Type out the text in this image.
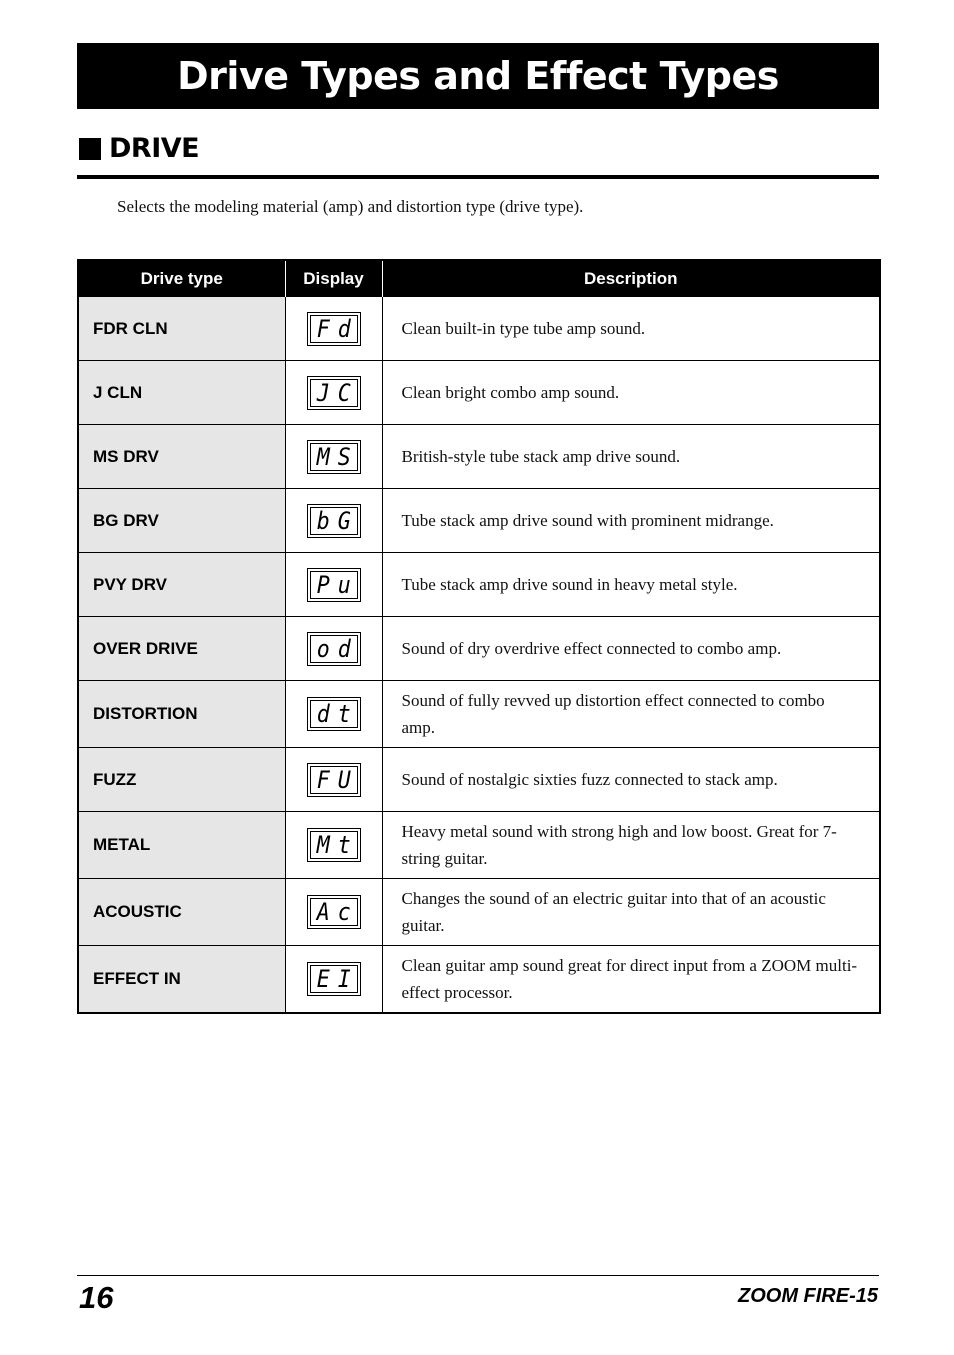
Drive Types and Effect Types
DRIVE
Selects the modeling material (amp) and distortion type (drive type).
Drive type	Display	Description
FDR CLN	F d	Clean built-in type tube amp sound.
J CLN	J C	Clean bright combo amp sound.
MS DRV	M S	British-style tube stack amp drive sound.
BG DRV	b G	Tube stack amp drive sound with prominent midrange.
PVY DRV	P u	Tube stack amp drive sound in heavy metal style.
OVER DRIVE	o d	Sound of dry overdrive effect connected to combo amp.
DISTORTION	d t	Sound of fully revved up distortion effect connected to combo amp.
FUZZ	F U	Sound of nostalgic sixties fuzz connected to stack amp.
METAL	M t	Heavy metal sound with strong high and low boost. Great for 7-string guitar.
ACOUSTIC	A c	Changes the sound of an electric guitar into that of an acoustic guitar.
EFFECT IN	E I	Clean guitar amp sound great for direct input from a ZOOM multi-effect processor.
16	ZOOM FIRE-15
